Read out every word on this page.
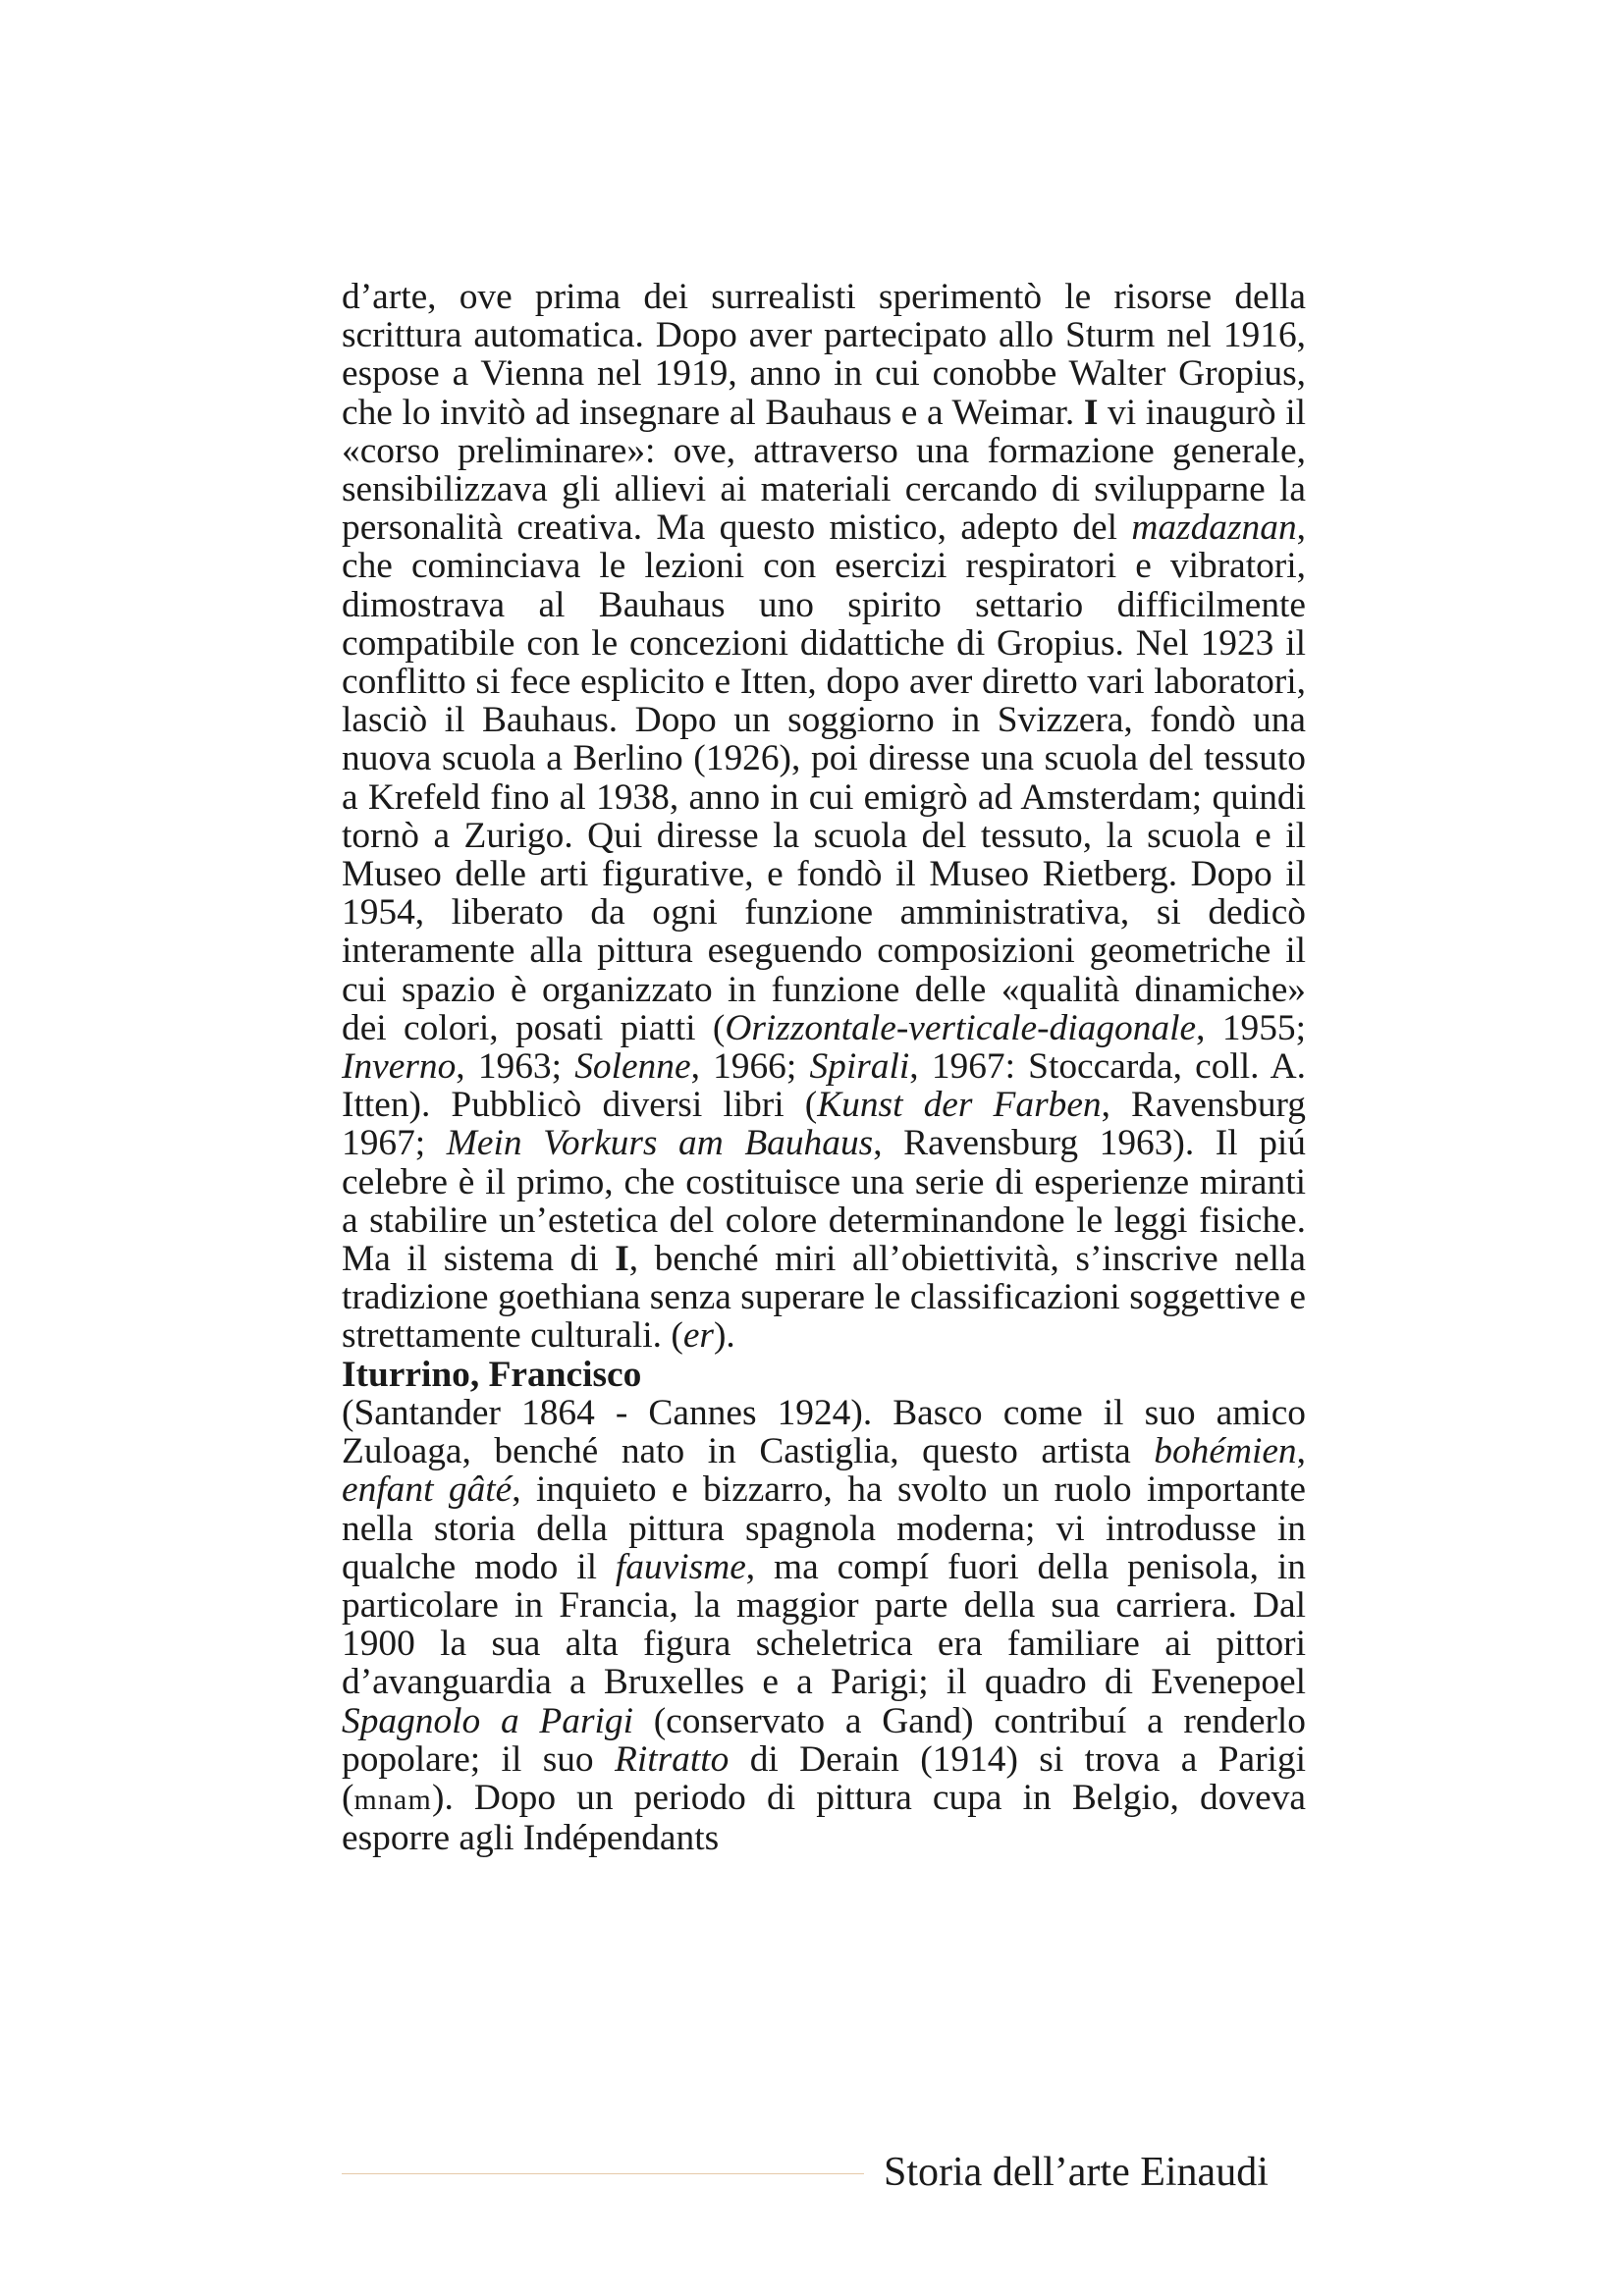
d’arte, ove prima dei surrealisti sperimentò le risorse della scrittura automatica. Dopo aver partecipato allo Sturm nel 1916, espose a Vienna nel 1919, anno in cui conobbe Walter Gropius, che lo invitò ad insegnare al Bauhaus e a Weimar. I vi inaugurò il «corso preliminare»: ove, attraverso una formazione generale, sensibilizzava gli allievi ai materiali cercando di svilupparne la personalità creativa. Ma questo mistico, adepto del mazdaznan, che cominciava le lezioni con esercizi respiratori e vibratori, dimostrava al Bauhaus uno spirito settario difficilmente compatibile con le concezioni didattiche di Gropius. Nel 1923 il conflitto si fece esplicito e Itten, dopo aver diretto vari laboratori, lasciò il Bauhaus. Dopo un soggiorno in Svizzera, fondò una nuova scuola a Berlino (1926), poi diresse una scuola del tessuto a Krefeld fino al 1938, anno in cui emigrò ad Amsterdam; quindi tornò a Zurigo. Qui diresse la scuola del tessuto, la scuola e il Museo delle arti figurative, e fondò il Museo Rietberg. Dopo il 1954, liberato da ogni funzione amministrativa, si dedicò interamente alla pittura eseguendo composizioni geometriche il cui spazio è organizzato in funzione delle «qualità dinamiche» dei colori, posati piatti (Orizzontale-verticale-diagonale, 1955; Inverno, 1963; Solenne, 1966; Spirali, 1967: Stoccarda, coll. A. Itten). Pubblicò diversi libri (Kunst der Farben, Ravensburg 1967; Mein Vorkurs am Bauhaus, Ravensburg 1963). Il piú celebre è il primo, che costituisce una serie di esperienze miranti a stabilire un’estetica del colore determinandone le leggi fisiche. Ma il sistema di I, benché miri all’obiettività, s’inscrive nella tradizione goethiana senza superare le classificazioni soggettive e strettamente culturali. (er).

Iturrino, Francisco

(Santander 1864 - Cannes 1924). Basco come il suo amico Zuloaga, benché nato in Castiglia, questo artista bohémien, enfant gâté, inquieto e bizzarro, ha svolto un ruolo importante nella storia della pittura spagnola moderna; vi introdusse in qualche modo il fauvisme, ma compí fuori della penisola, in particolare in Francia, la maggior parte della sua carriera. Dal 1900 la sua alta figura scheletrica era familiare ai pittori d’avanguardia a Bruxelles e a Parigi; il quadro di Evenepoel Spagnolo a Parigi (conservato a Gand) contribuí a renderlo popolare; il suo Ritratto di Derain (1914) si trova a Parigi (mnam). Dopo un periodo di pittura cupa in Belgio, doveva esporre agli Indépendants

Storia dell’arte Einaudi
